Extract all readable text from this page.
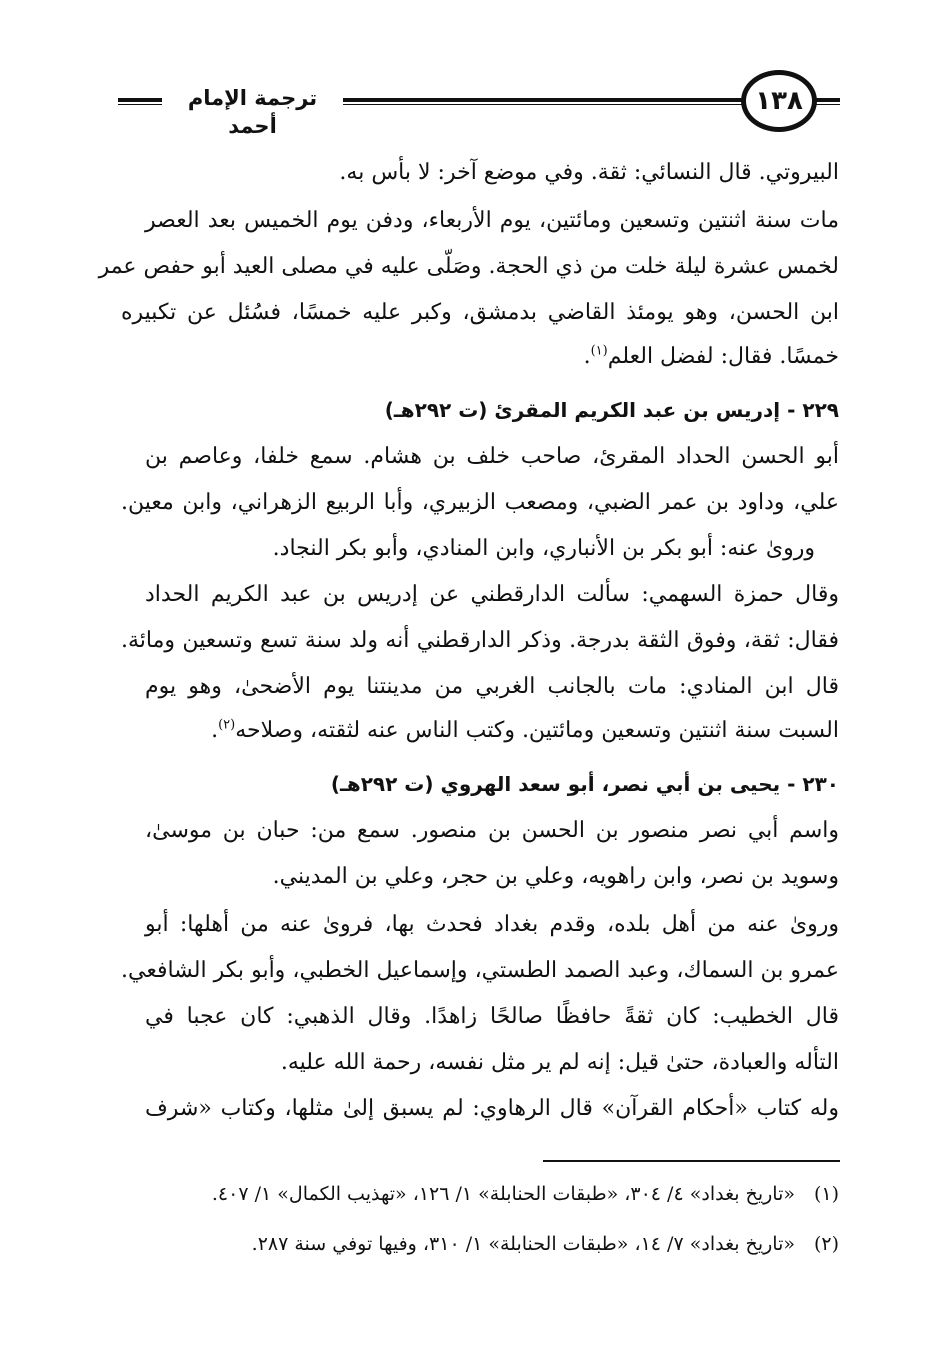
ترجمة الإمام أحمد
١٣٨
البيروتي. قال النسائي: ثقة. وفي موضع آخر: لا بأس به.
مات سنة اثنتين وتسعين ومائتين، يوم الأربعاء، ودفن يوم الخميس بعد العصر
لخمس عشرة ليلة خلت من ذي الحجة. وصَلّى عليه في مصلى العيد أبو حفص عمر
ابن الحسن، وهو يومئذ القاضي بدمشق، وكبر عليه خمسًا، فسُئل عن تكبيره
خمسًا. فقال: لفضل العلم$^{(١)}$.
٢٢٩ - إدريس بن عبد الكريم المقرئ (ت ٢٩٢هـ)
أبو الحسن الحداد المقرئ، صاحب خلف بن هشام. سمع خلفا، وعاصم بن
علي، وداود بن عمر الضبي، ومصعب الزبيري، وأبا الربيع الزهراني، وابن معين.
وروىٰ عنه: أبو بكر بن الأنباري، وابن المنادي، وأبو بكر النجاد.
وقال حمزة السهمي: سألت الدارقطني عن إدريس بن عبد الكريم الحداد
فقال: ثقة، وفوق الثقة بدرجة. وذكر الدارقطني أنه ولد سنة تسع وتسعين ومائة.
قال ابن المنادي: مات بالجانب الغربي من مدينتنا يوم الأضحىٰ، وهو يوم
السبت سنة اثنتين وتسعين ومائتين. وكتب الناس عنه لثقته، وصلاحه$^{(٢)}$.
٢٣٠ - يحيى بن أبي نصر، أبو سعد الهروي (ت ٢٩٢هـ)
واسم أبي نصر منصور بن الحسن بن منصور. سمع من: حبان بن موسىٰ،
وسويد بن نصر، وابن راهويه، وعلي بن حجر، وعلي بن المديني.
ورویٰ عنه من أهل بلده، وقدم بغداد فحدث بها، فرویٰ عنه من أهلها: أبو
عمرو بن السماك، وعبد الصمد الطستي، وإسماعيل الخطبي، وأبو بكر الشافعي.
قال الخطيب: كان ثقةً حافظًا صالحًا زاهدًا. وقال الذهبي: كان عجبا في
التأله والعبادة، حتىٰ قيل: إنه لم ير مثل نفسه، رحمة الله عليه.
وله كتاب «أحكام القرآن» قال الرهاوي: لم يسبق إلىٰ مثلها، وكتاب «شرف
(١)«تاريخ بغداد» ٤/ ٣٠٤، «طبقات الحنابلة» ١/ ١٢٦، «تهذيب الكمال» ١/ ٤٠٧.
(٢)«تاريخ بغداد» ٧/ ١٤، «طبقات الحنابلة» ١/ ٣١٠، وفيها توفي سنة ٢٨٧.
